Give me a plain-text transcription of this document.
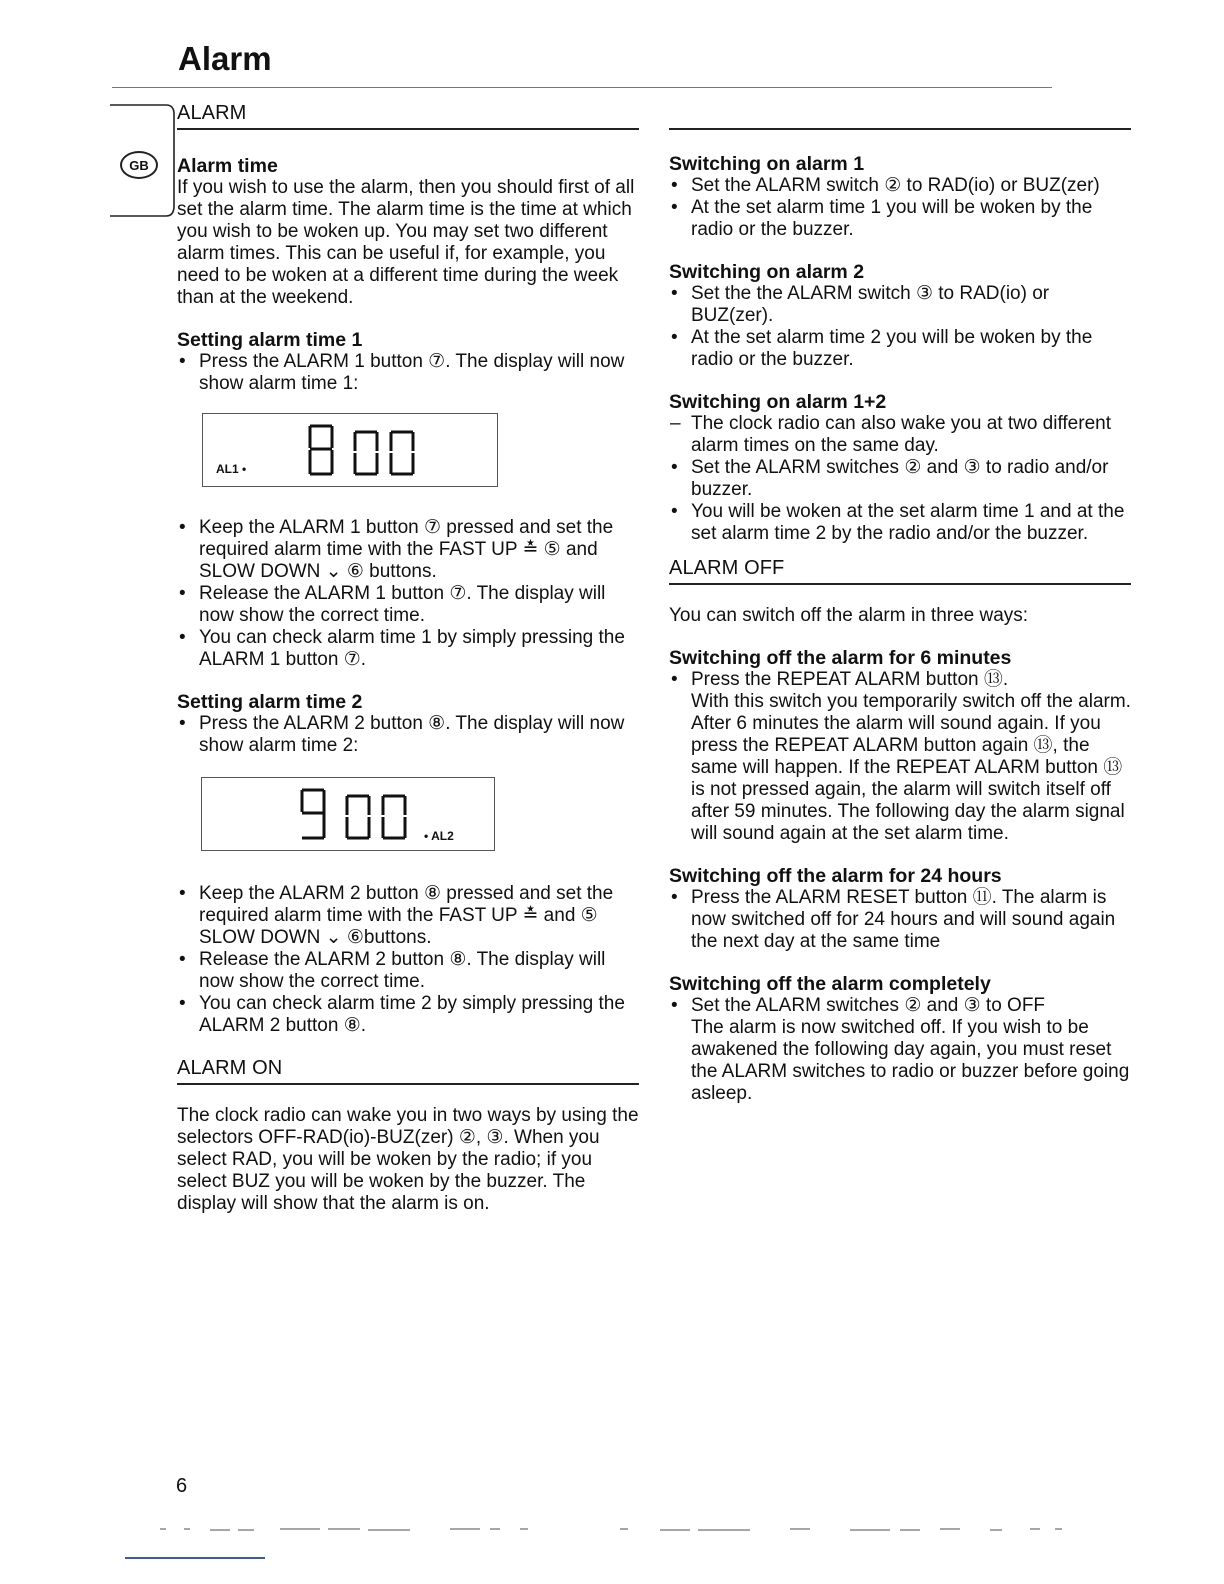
Alarm
GB
ALARM

Alarm time

If you wish to use the alarm, then you should first of all set the alarm time. The alarm time is the time at which you wish to be woken up. You may set two different alarm times. This can be useful if, for example, you need to be woken at a different time during the week than at the weekend.

Setting alarm time 1

• Press the ALARM 1 button ⑦. The display will now show alarm time 1:
AL1 •
• Keep the ALARM 1 button ⑦ pressed and set the required alarm time with the FAST UP ≛ ⑤ and SLOW DOWN ⌄ ⑥ buttons.
• Release the ALARM 1 button ⑦. The display will now show the correct time.
• You can check alarm time 1 by simply pressing the ALARM 1 button ⑦.

Setting alarm time 2

• Press the ALARM 2 button ⑧. The display will now show alarm time 2:
• AL2
• Keep the ALARM 2 button ⑧ pressed and set the required alarm time with the FAST UP ≛ and ⑤ SLOW DOWN ⌄ ⑥buttons.
• Release the ALARM 2 button ⑧. The display will now show the correct time.
• You can check alarm time 2 by simply pressing the ALARM 2 button ⑧.
ALARM ON

The clock radio can wake you in two ways by using the selectors OFF-RAD(io)-BUZ(zer) ②, ③. When you select RAD, you will be woken by the radio; if you select BUZ you will be woken by the buzzer. The display will show that the alarm is on.

Switching on alarm 1

• Set the ALARM switch ② to RAD(io) or BUZ(zer)
• At the set alarm time 1 you will be woken by the radio or the buzzer.

Switching on alarm 2

• Set the the ALARM switch ③ to RAD(io) or BUZ(zer).
• At the set alarm time 2 you will be woken by the radio or the buzzer.

Switching on alarm 1+2

– The clock radio can also wake you at two different alarm times on the same day.
• Set the ALARM switches ② and ③ to radio and/or buzzer.
• You will be woken at the set alarm time 1 and at the set alarm time 2 by the radio and/or the buzzer.
ALARM OFF

You can switch off the alarm in three ways:

Switching off the alarm for 6 minutes

• Press the REPEAT ALARM button ⑬.
With this switch you temporarily switch off the alarm. After 6 minutes the alarm will sound again. If you press the REPEAT ALARM button again ⑬, the same will happen. If the REPEAT ALARM button ⑬ is not pressed again, the alarm will switch itself off after 59 minutes. The following day the alarm signal will sound again at the set alarm time.

Switching off the alarm for 24 hours

• Press the ALARM RESET button ⑪. The alarm is now switched off for 24 hours and will sound again the next day at the same time

Switching off the alarm completely

• Set the ALARM switches ② and ③ to OFF
The alarm is now switched off. If you wish to be awakened the following day again, you must reset the ALARM switches to radio or buzzer before going asleep.
6
